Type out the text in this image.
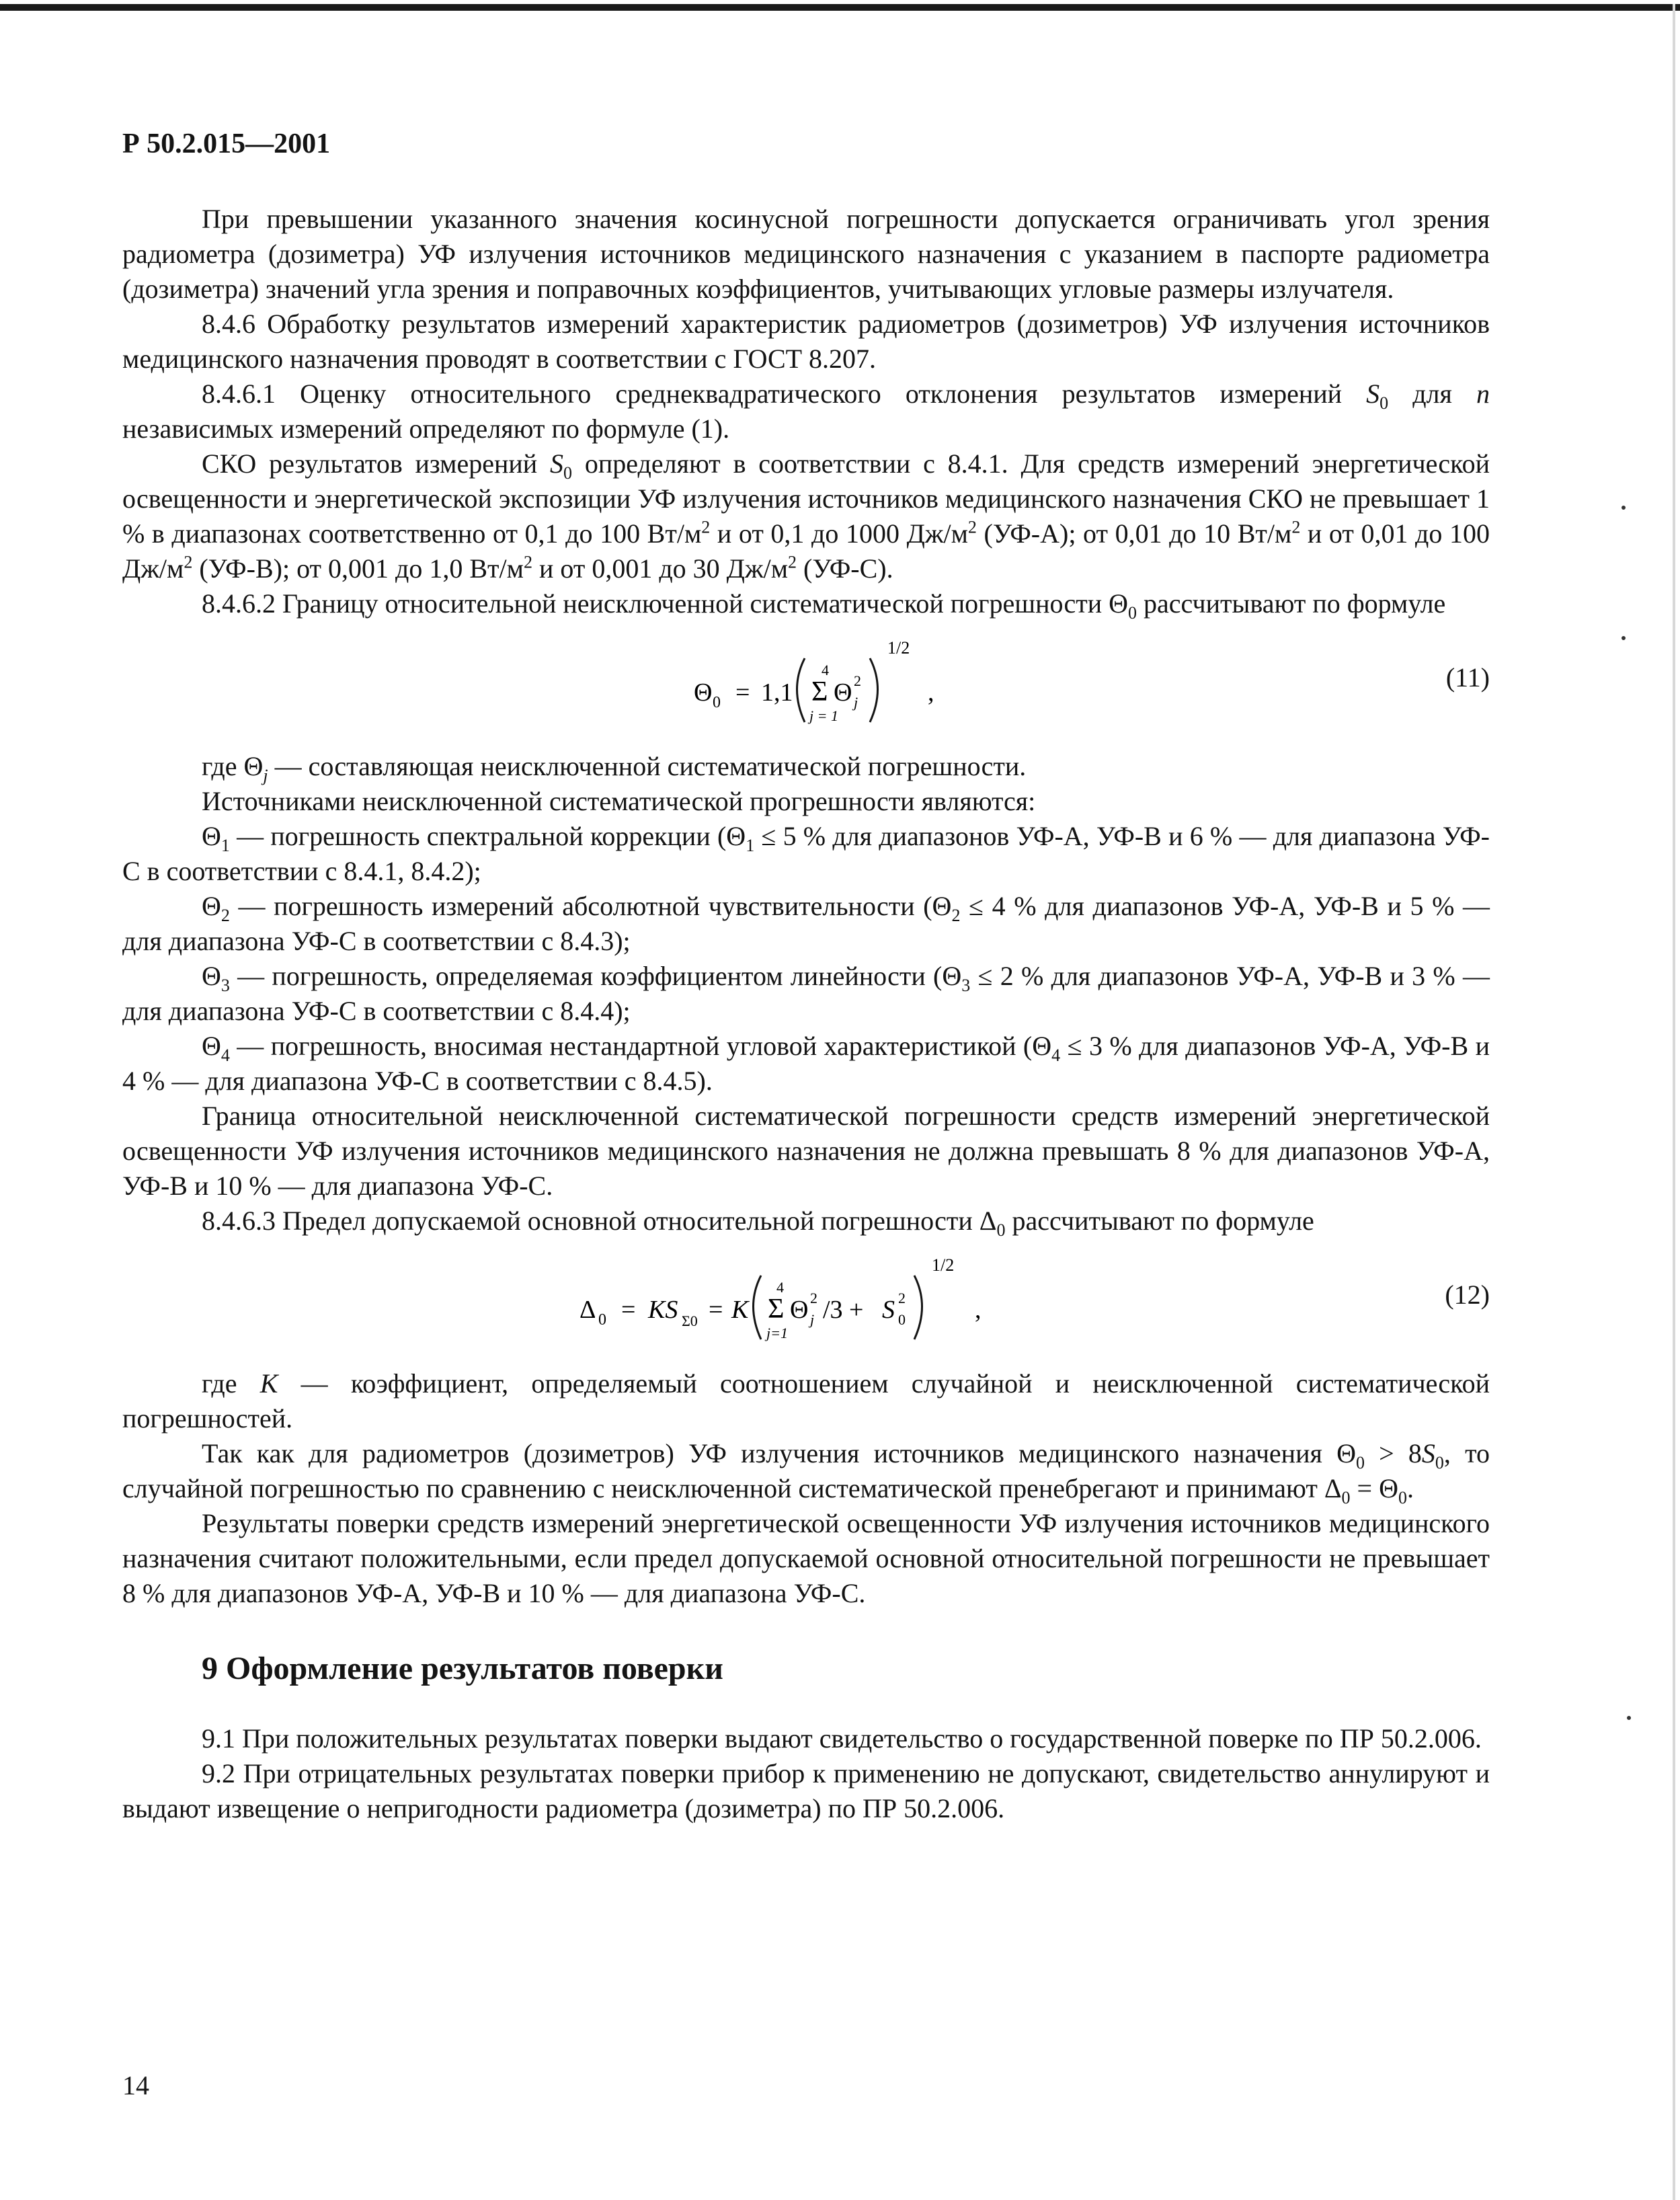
Р 50.2.015—2001

При превышении указанного значения косинусной погрешности допускается ограничивать угол зрения радиометра (дозиметра) УФ излучения источников медицинского назначения с указанием в паспорте радиометра (дозиметра) значений угла зрения и поправочных коэффициентов, учитывающих угловые размеры излучателя.

8.4.6 Обработку результатов измерений характеристик радиометров (дозиметров) УФ излучения источников медицинского назначения проводят в соответствии с ГОСТ 8.207.

8.4.6.1 Оценку относительного среднеквадратического отклонения результатов измерений $S_0$ для n независимых измерений определяют по формуле (1).

СКО результатов измерений $S_0$ определяют в соответствии с 8.4.1. Для средств измерений энергетической освещенности и энергетической экспозиции УФ излучения источников медицинского назначения СКО не превышает 1 % в диапазонах соответственно от 0,1 до 100 $Вт/м^2$ и от 0,1 до 1000 $Дж/м^2$ (УФ-А); от 0,01 до 10 $Вт/м^2$ и от 0,01 до 100 $Дж/м^2$ (УФ-В); от 0,001 до 1,0 $Вт/м^2$ и от 0,001 до 30 $Дж/м^2$ (УФ-С).

8.4.6.2 Границу относительной неисключенной систематической погрешности $\Theta_0$ рассчитывают по формуле

Θ 0 = 1,1
4
Σ
j = 1
Θ 2
j
1/2
,	(11)

где $\Theta_j$ — составляющая неисключенной систематической погрешности.

Источниками неисключенной систематической прогрешности являются:

$\Theta_1$ — погрешность спектральной коррекции ($\Theta_1 \le 5$ % для диапазонов УФ-А, УФ-В и 6 % — для диапазона УФ-С в соответствии с 8.4.1, 8.4.2);

$\Theta_2$ — погрешность измерений абсолютной чувствительности ($\Theta_2 \le 4$ % для диапазонов УФ-А, УФ-В и 5 % — для диапазона УФ-С в соответствии с 8.4.3);

$\Theta_3$ — погрешность, определяемая коэффициентом линейности ($\Theta_3 \le 2$ % для диапазонов УФ-А, УФ-В и 3 % — для диапазона УФ-С в соответствии с 8.4.4);

$\Theta_4$ — погрешность, вносимая нестандартной угловой характеристикой ($\Theta_4 \le 3$ % для диапазонов УФ-А, УФ-В и 4 % — для диапазона УФ-С в соответствии с 8.4.5).

Граница относительной неисключенной систематической погрешности средств измерений энергетической освещенности УФ излучения источников медицинского назначения не должна превышать 8 % для диапазонов УФ-А, УФ-В и 10 % — для диапазона УФ-С.

8.4.6.3 Предел допускаемой основной относительной погрешности $\Delta_0$ рассчитывают по формуле

Δ 0 = KS Σ0 = K
4
Σ
j=1
Θ 2
j /3 + S 2
0
1/2
,	(12)

где K — коэффициент, определяемый соотношением случайной и неисключенной систематической погрешностей.

Так как для радиометров (дозиметров) УФ излучения источников медицинского назначения $\Theta_0 > 8S_0$, то случайной погрешностью по сравнению с неисключенной систематической пренебрегают и принимают $\Delta_0 = \Theta_0$.

Результаты поверки средств измерений энергетической освещенности УФ излучения источников медицинского назначения считают положительными, если предел допускаемой основной относительной погрешности не превышает 8 % для диапазонов УФ-А, УФ-В и 10 % — для диапазона УФ-С.

9 Оформление результатов поверки

9.1 При положительных результатах поверки выдают свидетельство о государственной поверке по ПР 50.2.006.

9.2 При отрицательных результатах поверки прибор к применению не допускают, свидетельство аннулируют и выдают извещение о непригодности радиометра (дозиметра) по ПР 50.2.006.

14
